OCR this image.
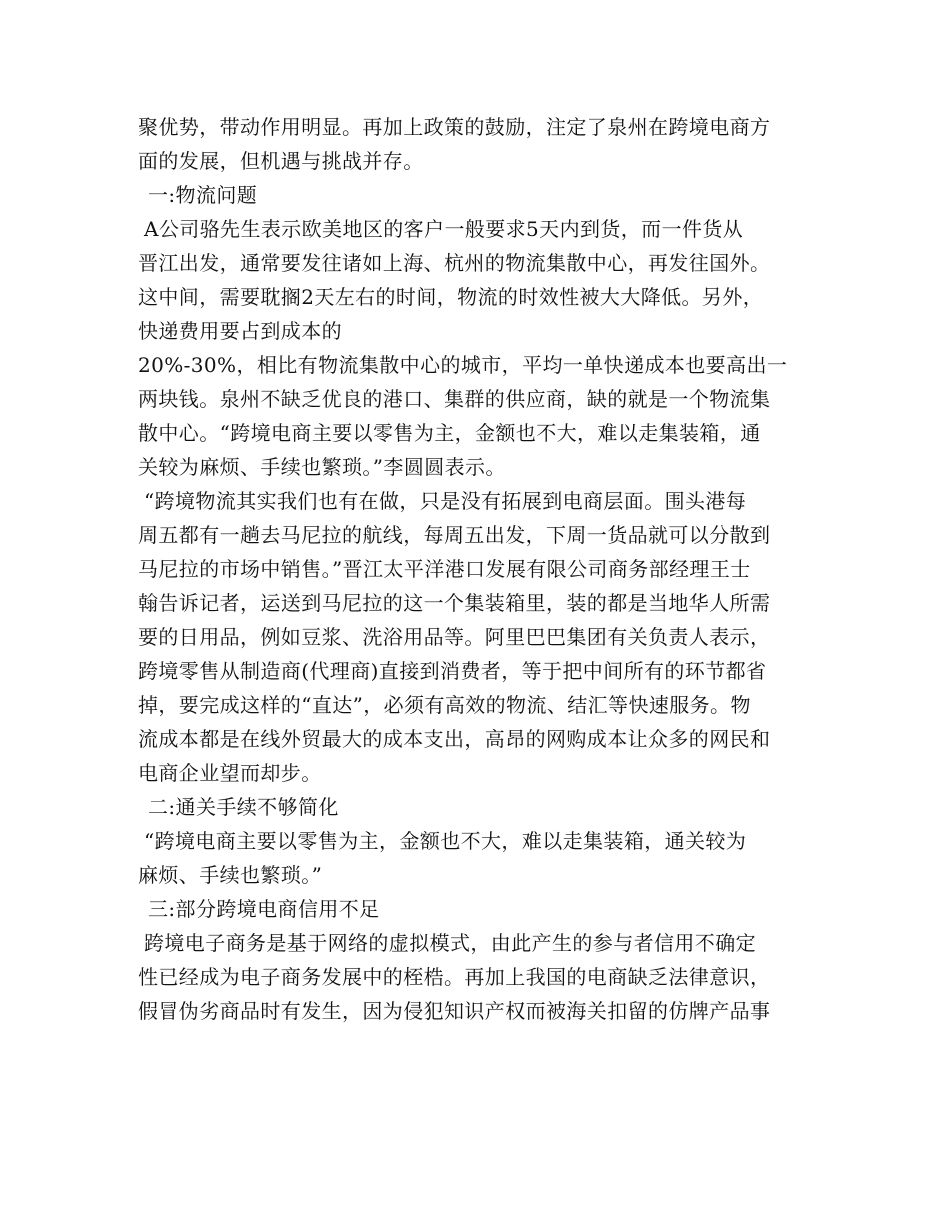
聚优势，带动作用明显。再加上政策的鼓励，注定了泉州在跨境电商方
面的发展，但机遇与挑战并存。
一:物流问题
A公司骆先生表示欧美地区的客户一般要求5天内到货，而一件货从
晋江出发，通常要发往诸如上海、杭州的物流集散中心，再发往国外。
这中间，需要耽搁2天左右的时间，物流的时效性被大大降低。另外，
快递费用要占到成本的
20%-30%，相比有物流集散中心的城市，平均一单快递成本也要高出一
两块钱。泉州不缺乏优良的港口、集群的供应商，缺的就是一个物流集
散中心。“跨境电商主要以零售为主，金额也不大，难以走集装箱，通
关较为麻烦、手续也繁琐。”李圆圆表示。
“跨境物流其实我们也有在做，只是没有拓展到电商层面。围头港每
周五都有一趟去马尼拉的航线，每周五出发，下周一货品就可以分散到
马尼拉的市场中销售。”晋江太平洋港口发展有限公司商务部经理王士
翰告诉记者，运送到马尼拉的这一个集装箱里，装的都是当地华人所需
要的日用品，例如豆浆、洗浴用品等。阿里巴巴集团有关负责人表示，
跨境零售从制造商(代理商)直接到消费者，等于把中间所有的环节都省
掉，要完成这样的“直达”，必须有高效的物流、结汇等快速服务。物
流成本都是在线外贸最大的成本支出，高昂的网购成本让众多的网民和
电商企业望而却步。
二:通关手续不够简化
“跨境电商主要以零售为主，金额也不大，难以走集装箱，通关较为
麻烦、手续也繁琐。”
三:部分跨境电商信用不足
跨境电子商务是基于网络的虚拟模式，由此产生的参与者信用不确定
性已经成为电子商务发展中的桎梏。再加上我国的电商缺乏法律意识，
假冒伪劣商品时有发生，因为侵犯知识产权而被海关扣留的仿牌产品事
